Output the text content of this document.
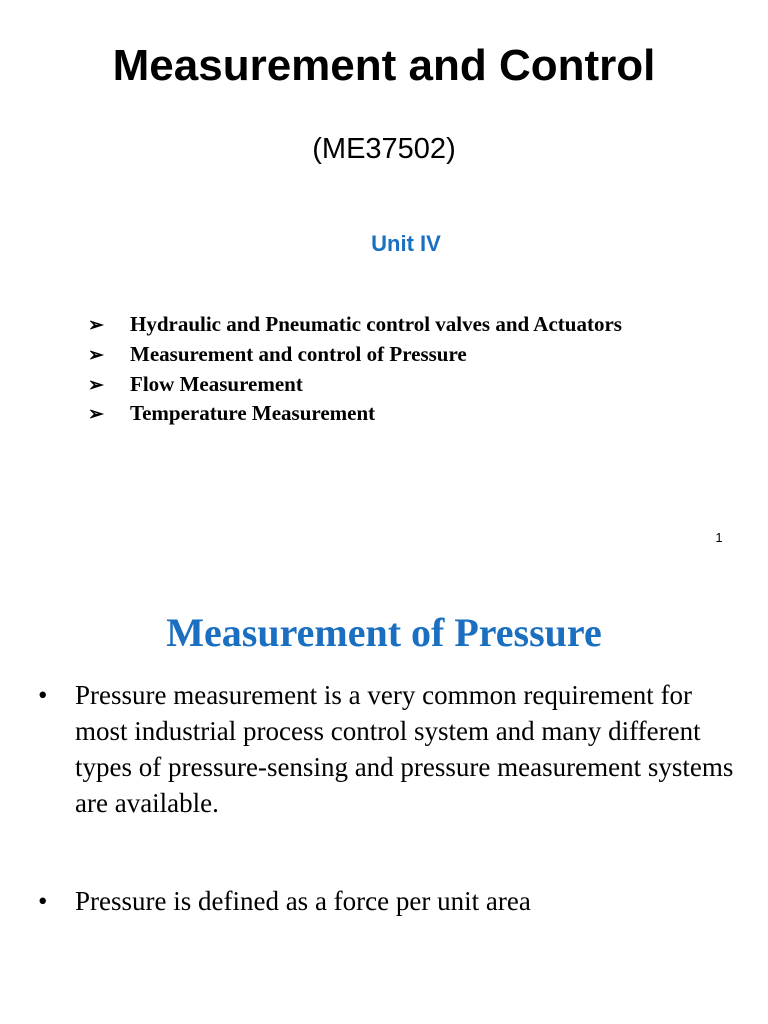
Measurement and Control
(ME37502)
Unit IV
➢ Hydraulic and Pneumatic control valves and Actuators
➢ Measurement and control of Pressure
➢ Flow Measurement
➢ Temperature Measurement
1
Measurement of Pressure
• Pressure measurement is a very common requirement for most industrial process control system and many different types of pressure-sensing and pressure measurement systems are available.
• Pressure is defined as a force per unit area
